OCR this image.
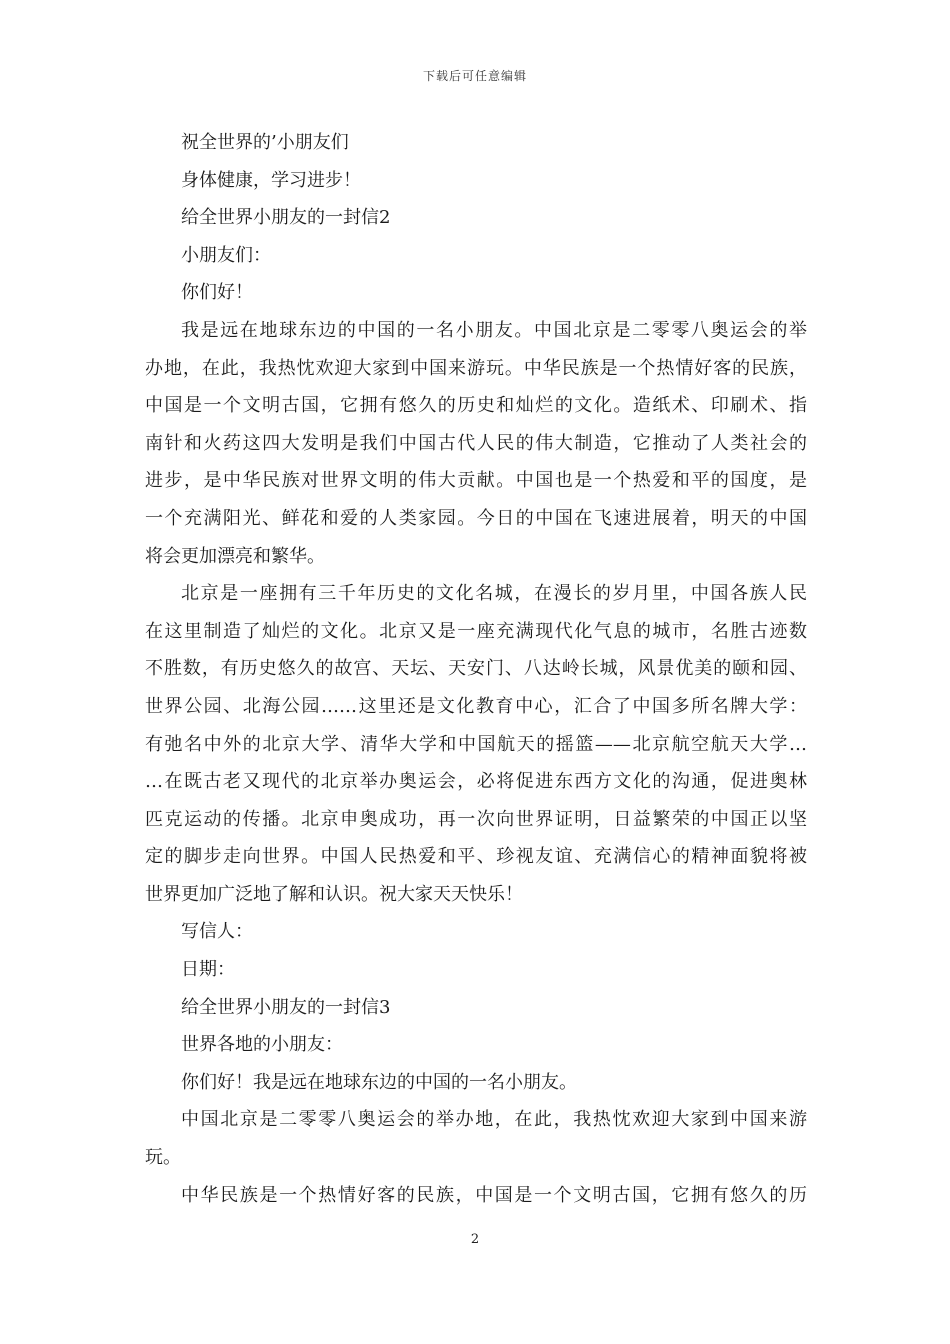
下载后可任意编辑

祝全世界的’小朋友们

身体健康，学习进步！

给全世界小朋友的一封信2

小朋友们：

你们好！

我是远在地球东边的中国的一名小朋友。中国北京是二零零八奥运会的举

办地，在此，我热忱欢迎大家到中国来游玩。中华民族是一个热情好客的民族，

中国是一个文明古国，它拥有悠久的历史和灿烂的文化。造纸术、印刷术、指

南针和火药这四大发明是我们中国古代人民的伟大制造，它推动了人类社会的

进步，是中华民族对世界文明的伟大贡献。中国也是一个热爱和平的国度，是

一个充满阳光、鲜花和爱的人类家园。今日的中国在飞速进展着，明天的中国

将会更加漂亮和繁华。

北京是一座拥有三千年历史的文化名城，在漫长的岁月里，中国各族人民

在这里制造了灿烂的文化。北京又是一座充满现代化气息的城市，名胜古迹数

不胜数，有历史悠久的故宫、天坛、天安门、八达岭长城，风景优美的颐和园、

世界公园、北海公园……这里还是文化教育中心，汇合了中国多所名牌大学：

有弛名中外的北京大学、清华大学和中国航天的摇篮——北京航空航天大学…

…在既古老又现代的北京举办奥运会，必将促进东西方文化的沟通，促进奥林

匹克运动的传播。北京申奥成功，再一次向世界证明，日益繁荣的中国正以坚

定的脚步走向世界。中国人民热爱和平、珍视友谊、充满信心的精神面貌将被

世界更加广泛地了解和认识。祝大家天天快乐！

写信人：

日期：

给全世界小朋友的一封信3

世界各地的小朋友：

你们好！我是远在地球东边的中国的一名小朋友。

中国北京是二零零八奥运会的举办地，在此，我热忱欢迎大家到中国来游

玩。

中华民族是一个热情好客的民族，中国是一个文明古国，它拥有悠久的历

2
